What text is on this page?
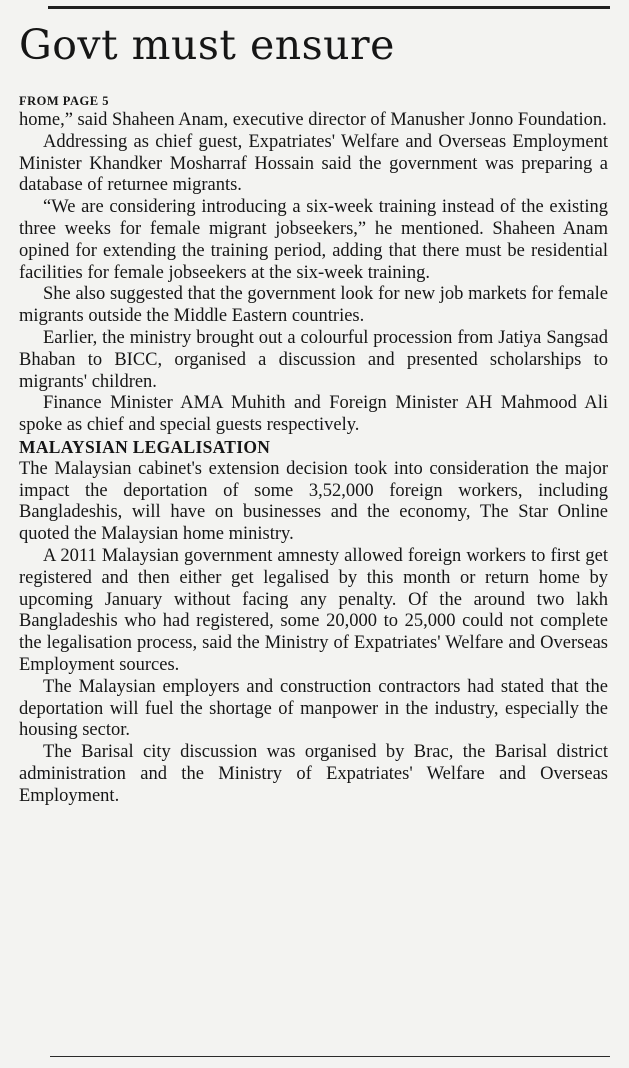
Govt must ensure
FROM PAGE 5

home,” said Shaheen Anam, executive director of Manusher Jonno Foundation.

Addressing as chief guest, Expatriates' Welfare and Overseas Employment Minister Khandker Mosharraf Hossain said the government was preparing a database of returnee migrants.

“We are considering introducing a six-week training instead of the existing three weeks for female migrant jobseekers,” he mentioned. Shaheen Anam opined for extending the training period, adding that there must be residential facilities for female jobseekers at the six-week training.

She also suggested that the government look for new job markets for female migrants outside the Middle Eastern countries.

Earlier, the ministry brought out a colourful procession from Jatiya Sangsad Bhaban to BICC, organised a discussion and presented scholarships to migrants' children.

Finance Minister AMA Muhith and Foreign Minister AH Mahmood Ali spoke as chief and special guests respectively.

MALAYSIAN LEGALISATION

The Malaysian cabinet's extension decision took into consideration the major impact the deportation of some 3,52,000 foreign workers, including Bangladeshis, will have on businesses and the economy, The Star Online quoted the Malaysian home ministry.

A 2011 Malaysian government amnesty allowed foreign workers to first get registered and then either get legalised by this month or return home by upcoming January without facing any penalty. Of the around two lakh Bangladeshis who had registered, some 20,000 to 25,000 could not complete the legalisation process, said the Ministry of Expatriates' Welfare and Overseas Employment sources.

The Malaysian employers and construction contractors had stated that the deportation will fuel the shortage of manpower in the industry, especially the housing sector.

The Barisal city discussion was organised by Brac, the Barisal district administration and the Ministry of Expatriates' Welfare and Overseas Employment.
